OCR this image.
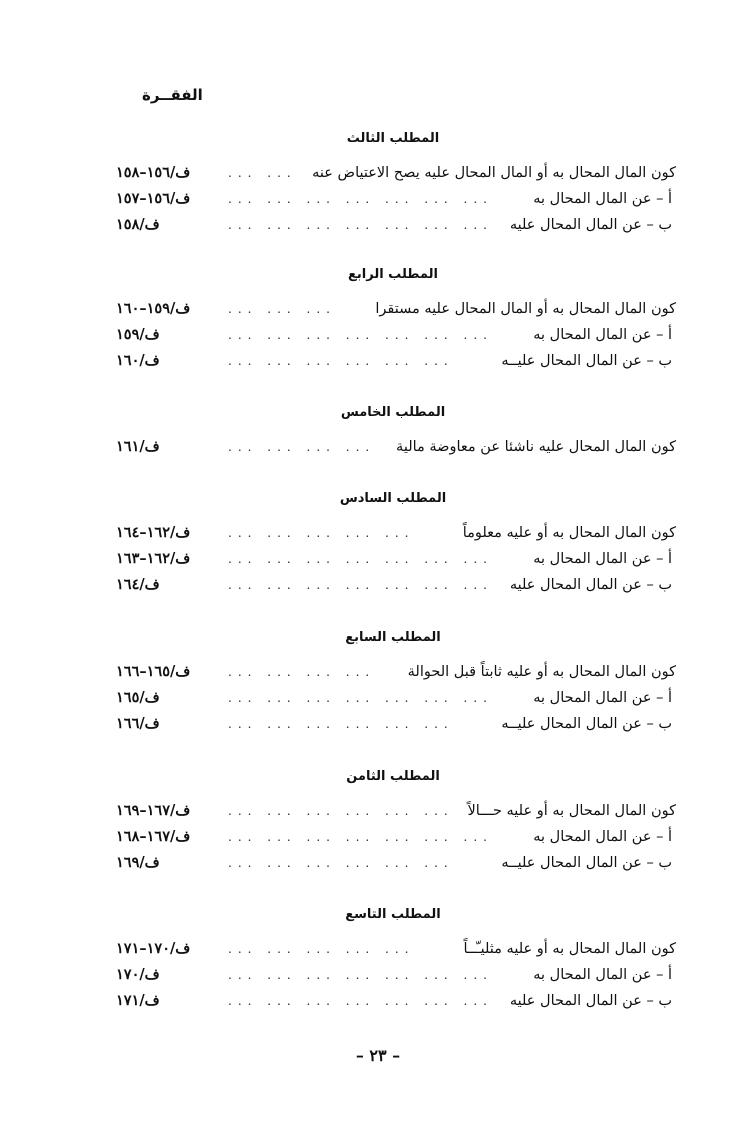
الفقــرة
المطلب الثالث
ف/١٥٦–١٥٨	... ... كون المال المحال به أو المال المحال عليه يصح الاعتياض عنه
ف/١٥٦–١٥٧	... ... ... ... ... ... ...	أ – عن المال المحال به
ف/١٥٨	... ... ... ... ... ... ... ب – عن المال المحال عليه
المطلب الرابع
ف/١٥٩–١٦٠	... ... ...	كون المال المحال به أو المال المحال عليه مستقرا
ف/١٥٩	... ... ... ... ... ... ...	أ – عن المال المحال به
ف/١٦٠	... ... ... ... ... ...	ب – عن المال المحال عليــه
المطلب الخامس
ف/١٦١	... ... ... ... كون المال المحال عليه ناشئا عن معاوضة مالية
المطلب السادس
ف/١٦٢–١٦٤	... ... ... ... ...	كون المال المحال به أو عليه معلوماً
ف/١٦٢–١٦٣	... ... ... ... ... ... ...	أ – عن المال المحال به
ف/١٦٤	... ... ... ... ... ... ... ب – عن المال المحال عليه
المطلب السابع
ف/١٦٥–١٦٦	... ... ... ... كون المال المحال به أو عليه ثابتاً قبل الحوالة
ف/١٦٥	... ... ... ... ... ... ...	أ – عن المال المحال به
ف/١٦٦	... ... ... ... ... ...	ب – عن المال المحال عليــه
المطلب الثامن
ف/١٦٧–١٦٩	... ... ... ... ... ... كون المال المحال به أو عليه حـــالاً
ف/١٦٧–١٦٨	... ... ... ... ... ... ...	أ – عن المال المحال به
ف/١٦٩	... ... ... ... ... ...	ب – عن المال المحال عليــه
المطلب التاسع
ف/١٧٠–١٧١	... ... ... ... ...	كون المال المحال به أو عليه مثليـّــاً
ف/١٧٠	... ... ... ... ... ... ...	أ – عن المال المحال به
ف/١٧١	... ... ... ... ... ... ... ب – عن المال المحال عليه
– ٢٣ –
